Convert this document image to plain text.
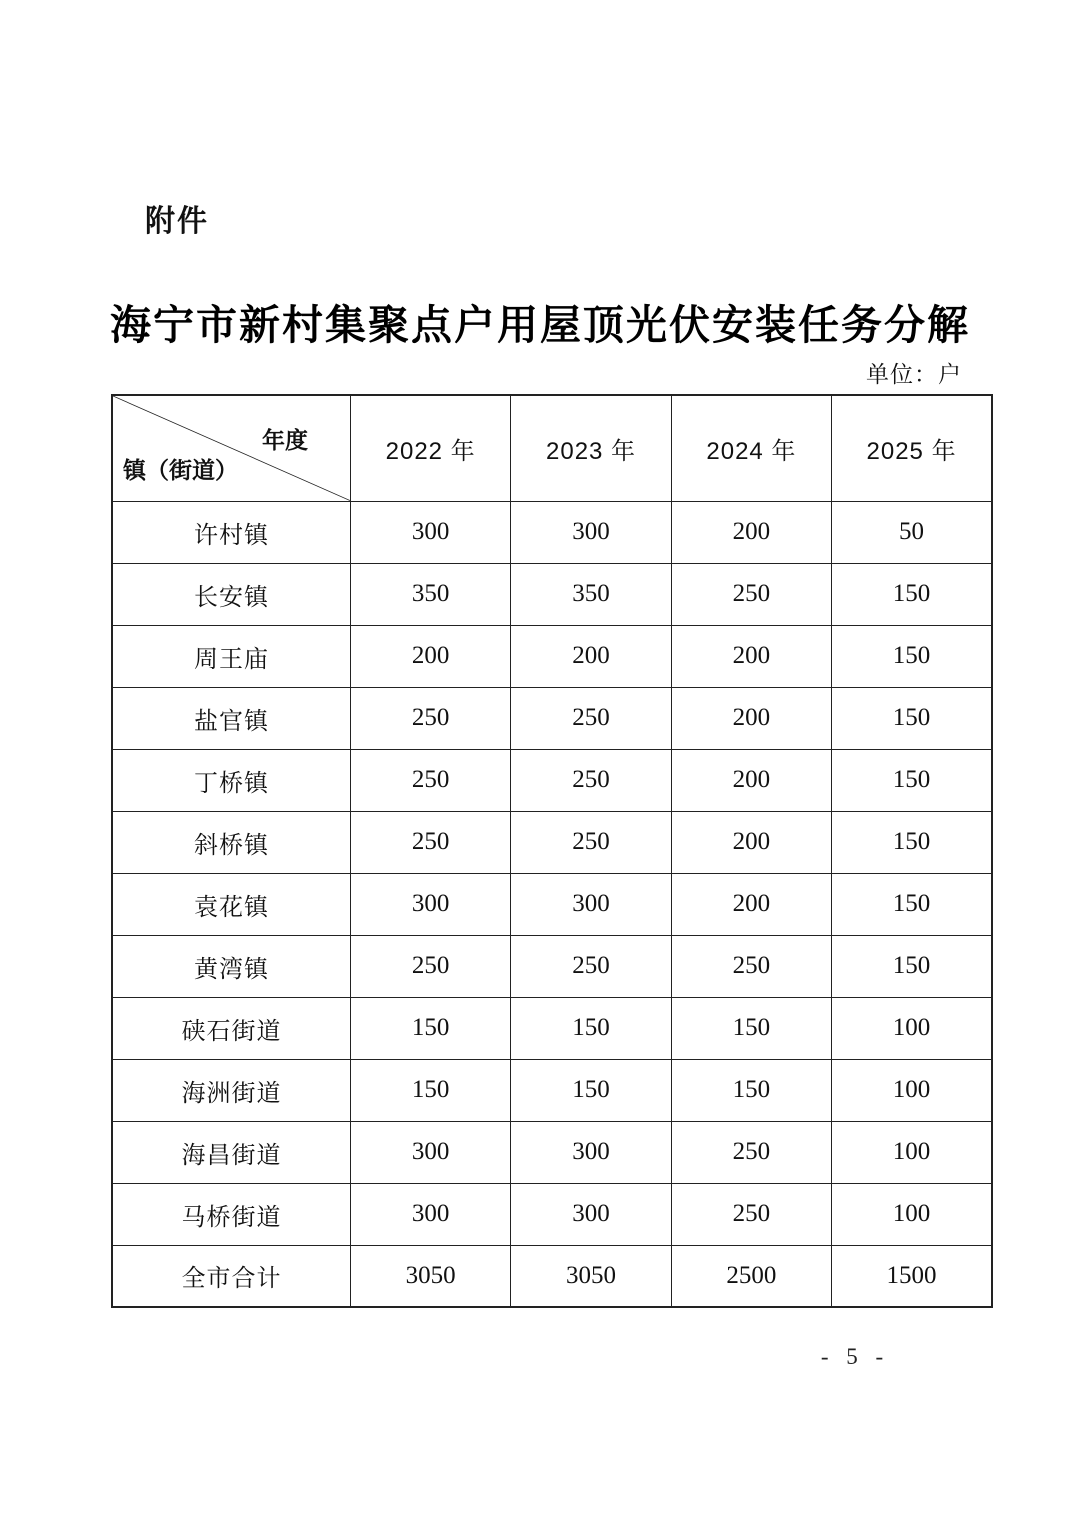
附件
海宁市新村集聚点户用屋顶光伏安装任务分解
单位：户
年度
镇（街道）	2022 年	2023 年	2024 年	2025 年
许村镇	300	300	200	50
长安镇	350	350	250	150
周王庙	200	200	200	150
盐官镇	250	250	200	150
丁桥镇	250	250	200	150
斜桥镇	250	250	200	150
袁花镇	300	300	200	150
黄湾镇	250	250	250	150
硖石街道	150	150	150	100
海洲街道	150	150	150	100
海昌街道	300	300	250	100
马桥街道	300	300	250	100
全市合计	3050	3050	2500	1500
- 5 -
